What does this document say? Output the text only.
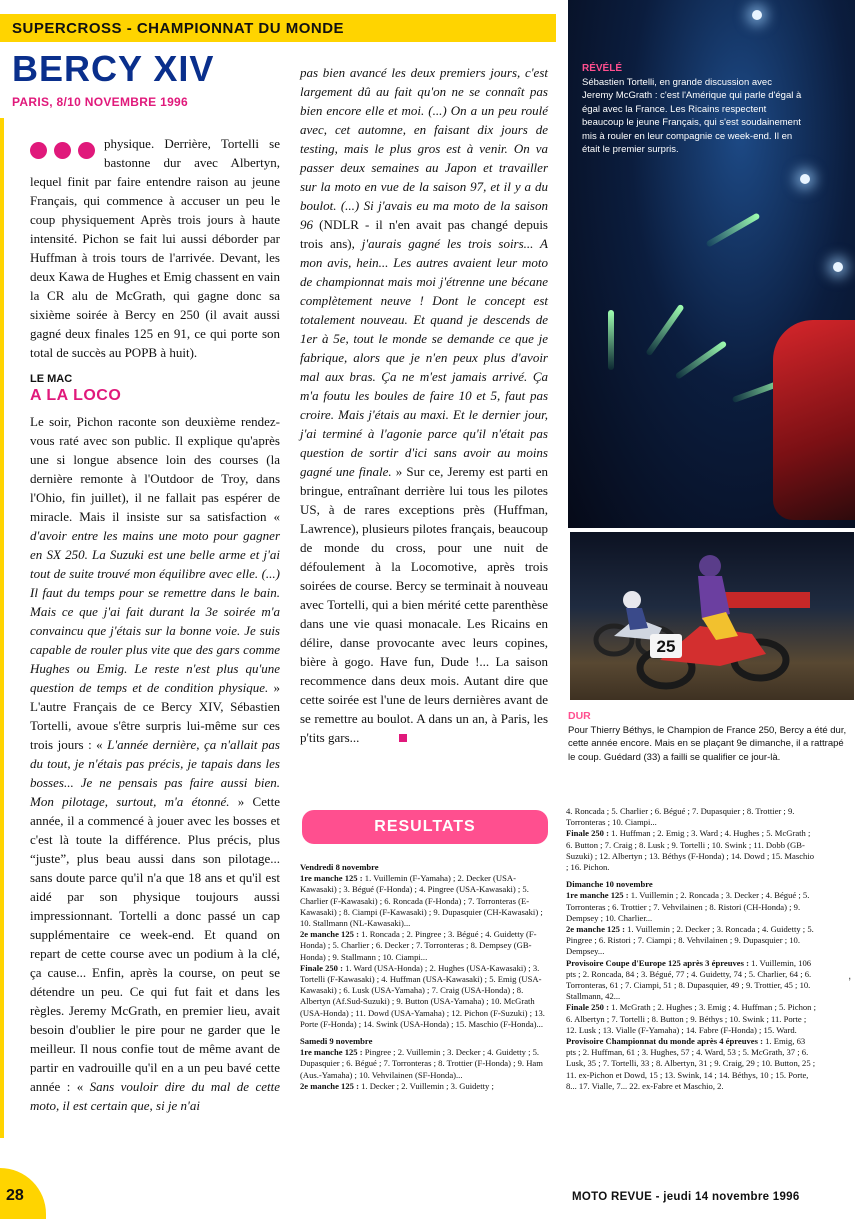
SUPERCROSS - CHAMPIONNAT DU MONDE
BERCY XIV
PARIS, 8/10 NOVEMBRE 1996

physique. Derrière, Tortelli se bastonne dur avec Albertyn, lequel finit par faire entendre raison au jeune Français, qui commence à accuser un peu le coup physiquement Après trois jours à haute intensité. Pichon se fait lui aussi déborder par Huffman à trois tours de l'arrivée. Devant, les deux Kawa de Hughes et Emig chassent en vain la CR alu de McGrath, qui gagne donc sa sixième soirée à Bercy en 250 (il avait aussi gagné deux finales 125 en 91, ce qui porte son total de succès au POPB à huit).

LE MAC
A LA LOCO

Le soir, Pichon raconte son deuxième rendez-vous raté avec son public. Il explique qu'après une si longue absence loin des courses (la dernière remonte à l'Outdoor de Troy, dans l'Ohio, fin juillet), il ne fallait pas espérer de miracle. Mais il insiste sur sa satisfaction « d'avoir entre les mains une moto pour gagner en SX 250. La Suzuki est une belle arme et j'ai tout de suite trouvé mon équilibre avec elle. (...) Il faut du temps pour se remettre dans le bain. Mais ce que j'ai fait durant la 3e soirée m'a convaincu que j'étais sur la bonne voie. Je suis capable de rouler plus vite que des gars comme Hughes ou Emig. Le reste n'est plus qu'une question de temps et de condition physique. » L'autre Français de ce Bercy XIV, Sébastien Tortelli, avoue s'être surpris lui-même sur ces trois jours : « L'année dernière, ça n'allait pas du tout, je n'étais pas précis, je tapais dans les bosses... Je ne pensais pas faire aussi bien. Mon pilotage, surtout, m'a étonné. » Cette année, il a commencé à jouer avec les bosses et c'est là toute la différence. Plus précis, plus “juste”, plus beau aussi dans son pilotage... sans doute parce qu'il n'a que 18 ans et qu'il est aidé par son physique toujours aussi impressionnant. Tortelli a donc passé un cap supplémentaire ce week-end. Et quand on repart de cette course avec un podium à la clé, ça cause... Enfin, après la course, on peut se détendre un peu. Ce qui fut fait et dans les règles. Jeremy McGrath, en premier lieu, avait besoin d'oublier le pire pour ne garder que le meilleur. Il nous confie tout de même avant de partir en vadrouille qu'il en a un peu bavé cette année : « Sans vouloir dire du mal de cette moto, il est certain que, si je n'ai

pas bien avancé les deux premiers jours, c'est largement dû au fait qu'on ne se connaît pas bien encore elle et moi. (...) On a un peu roulé avec, cet automne, en faisant dix jours de testing, mais le plus gros est à venir. On va passer deux semaines au Japon et travailler sur la moto en vue de la saison 97, et il y a du boulot. (...) Si j'avais eu ma moto de la saison 96 (NDLR - il n'en avait pas changé depuis trois ans), j'aurais gagné les trois soirs... A mon avis, hein... Les autres avaient leur moto de championnat mais moi j'étrenne une bécane complètement neuve ! Dont le concept est totalement nouveau. Et quand je descends de 1er à 5e, tout le monde se demande ce que je fabrique, alors que je n'en peux plus d'avoir mal aux bras. Ça ne m'est jamais arrivé. Ça m'a foutu les boules de faire 10 et 5, faut pas croire. Mais j'étais au maxi. Et le dernier jour, j'ai terminé à l'agonie parce qu'il n'était pas question de sortir d'ici sans avoir au moins gagné une finale. » Sur ce, Jeremy est parti en bringue, entraînant derrière lui tous les pilotes US, à de rares exceptions près (Huffman, Lawrence), plusieurs pilotes français, beaucoup de monde du cross, pour une nuit de défoulement à la Locomotive, après trois soirées de course. Bercy se terminait à nouveau avec Tortelli, qui a bien mérité cette parenthèse dans une vie quasi monacale. Les Ricains en délire, danse provocante avec leurs copines, bière à gogo. Have fun, Dude !... La saison recommence dans deux mois. Autant dire que cette soirée est l'une de leurs dernières avant de se remettre au boulot. A dans un an, à Paris, les p'tits gars...

RESULTATS
Vendredi 8 novembre
1re manche 125 : 1. Vuillemin (F-Yamaha) ; 2. Decker (USA-Kawasaki) ; 3. Bégué (F-Honda) ; 4. Pingree (USA-Kawasaki) ; 5. Charlier (F-Kawasaki) ; 6. Roncada (F-Honda) ; 7. Torronteras (E-Kawasaki) ; 8. Ciampi (F-Kawasaki) ; 9. Dupasquier (CH-Kawasaki) ; 10. Stallmann (NL-Kawasaki)...
2e manche 125 : 1. Roncada ; 2. Pingree ; 3. Bégué ; 4. Guidetty (F-Honda) ; 5. Charlier ; 6. Decker ; 7. Torronteras ; 8. Dempsey (GB-Honda) ; 9. Stallmann ; 10. Ciampi...
Finale 250 : 1. Ward (USA-Honda) ; 2. Hughes (USA-Kawasaki) ; 3. Tortelli (F-Kawasaki) ; 4. Huffman (USA-Kawasaki) ; 5. Emig (USA-Kawasaki) ; 6. Lusk (USA-Yamaha) ; 7. Craig (USA-Honda) ; 8. Albertyn (Af.Sud-Suzuki) ; 9. Button (USA-Yamaha) ; 10. McGrath (USA-Honda) ; 11. Dowd (USA-Yamaha) ; 12. Pichon (F-Suzuki) ; 13. Porte (F-Honda) ; 14. Swink (USA-Honda) ; 15. Maschio (F-Honda)...
Samedi 9 novembre
1re manche 125 : Pingree ; 2. Vuillemin ; 3. Decker ; 4. Guidetty ; 5. Dupasquier ; 6. Bégué ; 7. Torronteras ; 8. Trottier (F-Honda) ; 9. Ham (Aus.-Yamaha) ; 10. Vehvilainen (SF-Honda)...
2e manche 125 : 1. Decker ; 2. Vuillemin ; 3. Guidetty ;
4. Roncada ; 5. Charlier ; 6. Bégué ; 7. Dupasquier ; 8. Trottier ; 9. Torronteras ; 10. Ciampi...
Finale 250 : 1. Huffman ; 2. Emig ; 3. Ward ; 4. Hughes ; 5. McGrath ; 6. Button ; 7. Craig ; 8. Lusk ; 9. Tortelli ; 10. Swink ; 11. Dobb (GB-Suzuki) ; 12. Albertyn ; 13. Béthys (F-Honda) ; 14. Dowd ; 15. Maschio ; 16. Pichon.
Dimanche 10 novembre
1re manche 125 : 1. Vuillemin ; 2. Roncada ; 3. Decker ; 4. Bégué ; 5. Torronteras ; 6. Trottier ; 7. Vehvilainen ; 8. Ristori (CH-Honda) ; 9. Dempsey ; 10. Charlier...
2e manche 125 : 1. Vuillemin ; 2. Decker ; 3. Roncada ; 4. Guidetty ; 5. Pingree ; 6. Ristori ; 7. Ciampi ; 8. Vehvilainen ; 9. Dupasquier ; 10. Dempsey...
Provisoire Coupe d'Europe 125 après 3 épreuves : 1. Vuillemin, 106 pts ; 2. Roncada, 84 ; 3. Bégué, 77 ; 4. Guidetty, 74 ; 5. Charlier, 64 ; 6. Torronteras, 61 ; 7. Ciampi, 51 ; 8. Dupasquier, 49 ; 9. Trottier, 45 ; 10. Stallmann, 42...
Finale 250 : 1. McGrath ; 2. Hughes ; 3. Emig ; 4. Huffman ; 5. Pichon ; 6. Albertyn ; 7. Tortelli ; 8. Button ; 9. Béthys ; 10. Swink ; 11. Porte ; 12. Lusk ; 13. Vialle (F-Yamaha) ; 14. Fabre (F-Honda) ; 15. Ward.
Provisoire Championnat du monde après 4 épreuves : 1. Emig, 63 pts ; 2. Huffman, 61 ; 3. Hughes, 57 ; 4. Ward, 53 ; 5. McGrath, 37 ; 6. Lusk, 35 ; 7. Tortelli, 33 ; 8. Albertyn, 31 ; 9. Craig, 29 ; 10. Button, 25 ; 11. ex-Pichon et Dowd, 15 ; 13. Swink, 14 ; 14. Béthys, 10 ; 15. Porte, 8... 17. Vialle, 7... 22. ex-Fabre et Maschio, 2.
RÉVÉLÉ
Sébastien Tortelli, en grande discussion avec Jeremy McGrath : c'est l'Amérique qui parle d'égal à égal avec la France. Les Ricains respectent beaucoup le jeune Français, qui s'est soudainement mis à rouler en leur compagnie ce week-end. Il en était le premier surpris.
25
DUR
Pour Thierry Béthys, le Champion de France 250, Bercy a été dur, cette année encore. Mais en se plaçant 9e dimanche, il a rattrapé le coup. Guédard (33) a failli se qualifier ce jour-là.
28	MOTO REVUE - jeudi 14 novembre 1996
,
